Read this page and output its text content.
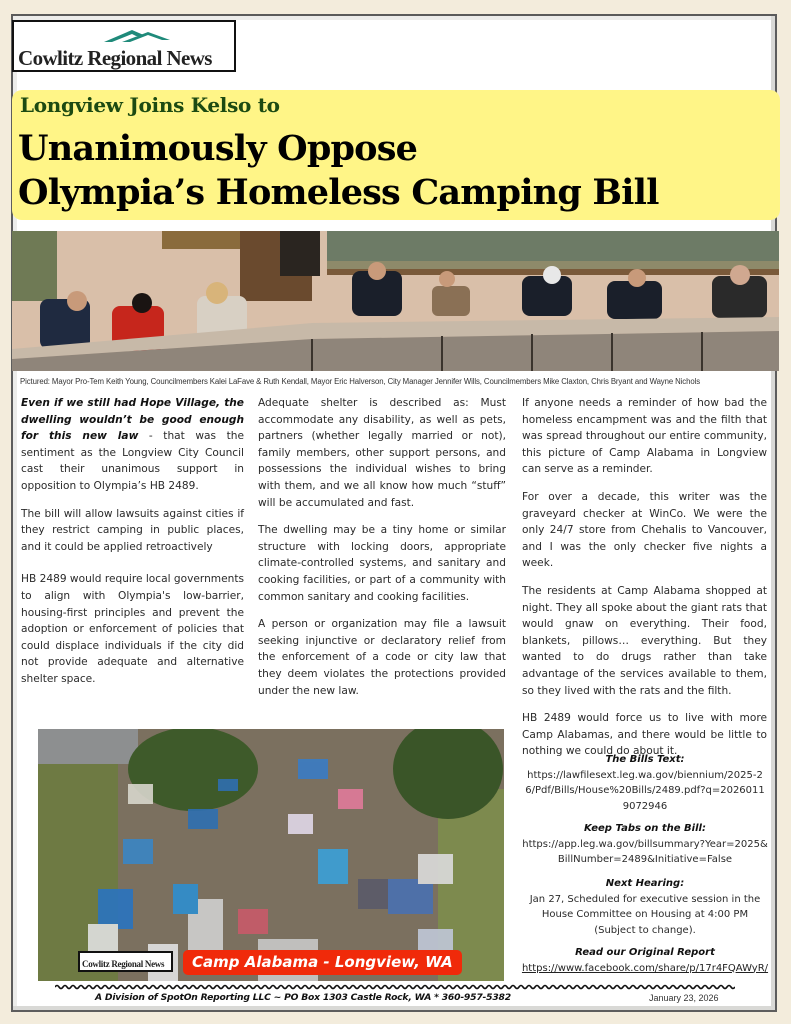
Cowlitz Regional News
Longview Joins Kelso to
Unanimously Oppose
Olympia’s Homeless Camping Bill
Pictured: Mayor Pro-Tem Keith Young, Councilmembers Kalei LaFave & Ruth Kendall, Mayor Eric Halverson, City Manager Jennifer Wills, Councilmembers Mike Claxton, Chris Bryant and Wayne Nichols

Even if we still had Hope Village, the dwelling wouldn’t be good enough for this new law - that was the sentiment as the Longview City Council cast their unanimous support in opposition to Olympia’s HB 2489.

The bill will allow lawsuits against cities if they restrict camping in public places, and it could be applied retroactively

HB 2489 would require local governments to align with Olympia's low-barrier, housing-first principles and prevent the adoption or enforcement of policies that could displace individuals if the city did not provide adequate and alternative shelter space.

Adequate shelter is described as: Must accommodate any disability, as well as pets, partners (whether legally married or not), family members, other support persons, and possessions the individual wishes to bring with them, and we all know how much “stuff” will be accumulated and fast.

The dwelling may be a tiny home or similar structure with locking doors, appropriate climate-controlled systems, and sanitary and cooking facilities, or part of a community with common sanitary and cooking facilities.

A person or organization may file a lawsuit seeking injunctive or declaratory relief from the enforcement of a code or city law that they deem violates the protections provided under the new law.

If anyone needs a reminder of how bad the homeless encampment was and the filth that was spread throughout our entire community, this picture of Camp Alabama in Longview can serve as a reminder.

For over a decade, this writer was the graveyard checker at WinCo. We were the only 24/7 store from Chehalis to Vancouver, and I was the only checker five nights a week.

The residents at Camp Alabama shopped at night. They all spoke about the giant rats that would gnaw on everything. Their food, blankets, pillows… everything. But they wanted to do drugs rather than take advantage of the services available to them, so they lived with the rats and the filth.

HB 2489 would force us to live with more Camp Alabamas, and there would be little to nothing we could do about it.

The Bills Text:
https://lawfilesext.leg.wa.gov/biennium/2025-26/Pdf/Bills/House%20Bills/2489.pdf?q=20260119072946
Keep Tabs on the Bill:
https://app.leg.wa.gov/billsummary?Year=2025&BillNumber=2489&Initiative=False
Next Hearing:
Jan 27, Scheduled for executive session in the House Committee on Housing at 4:00 PM (Subject to change).
Read our Original Report
https://www.facebook.com/share/p/17r4FQAWyR/
Cowlitz Regional News	Camp Alabama - Longview, WA
A Division of SpotOn Reporting LLC ~ PO Box 1303 Castle Rock, WA * 360-957-5382	January 23, 2026
